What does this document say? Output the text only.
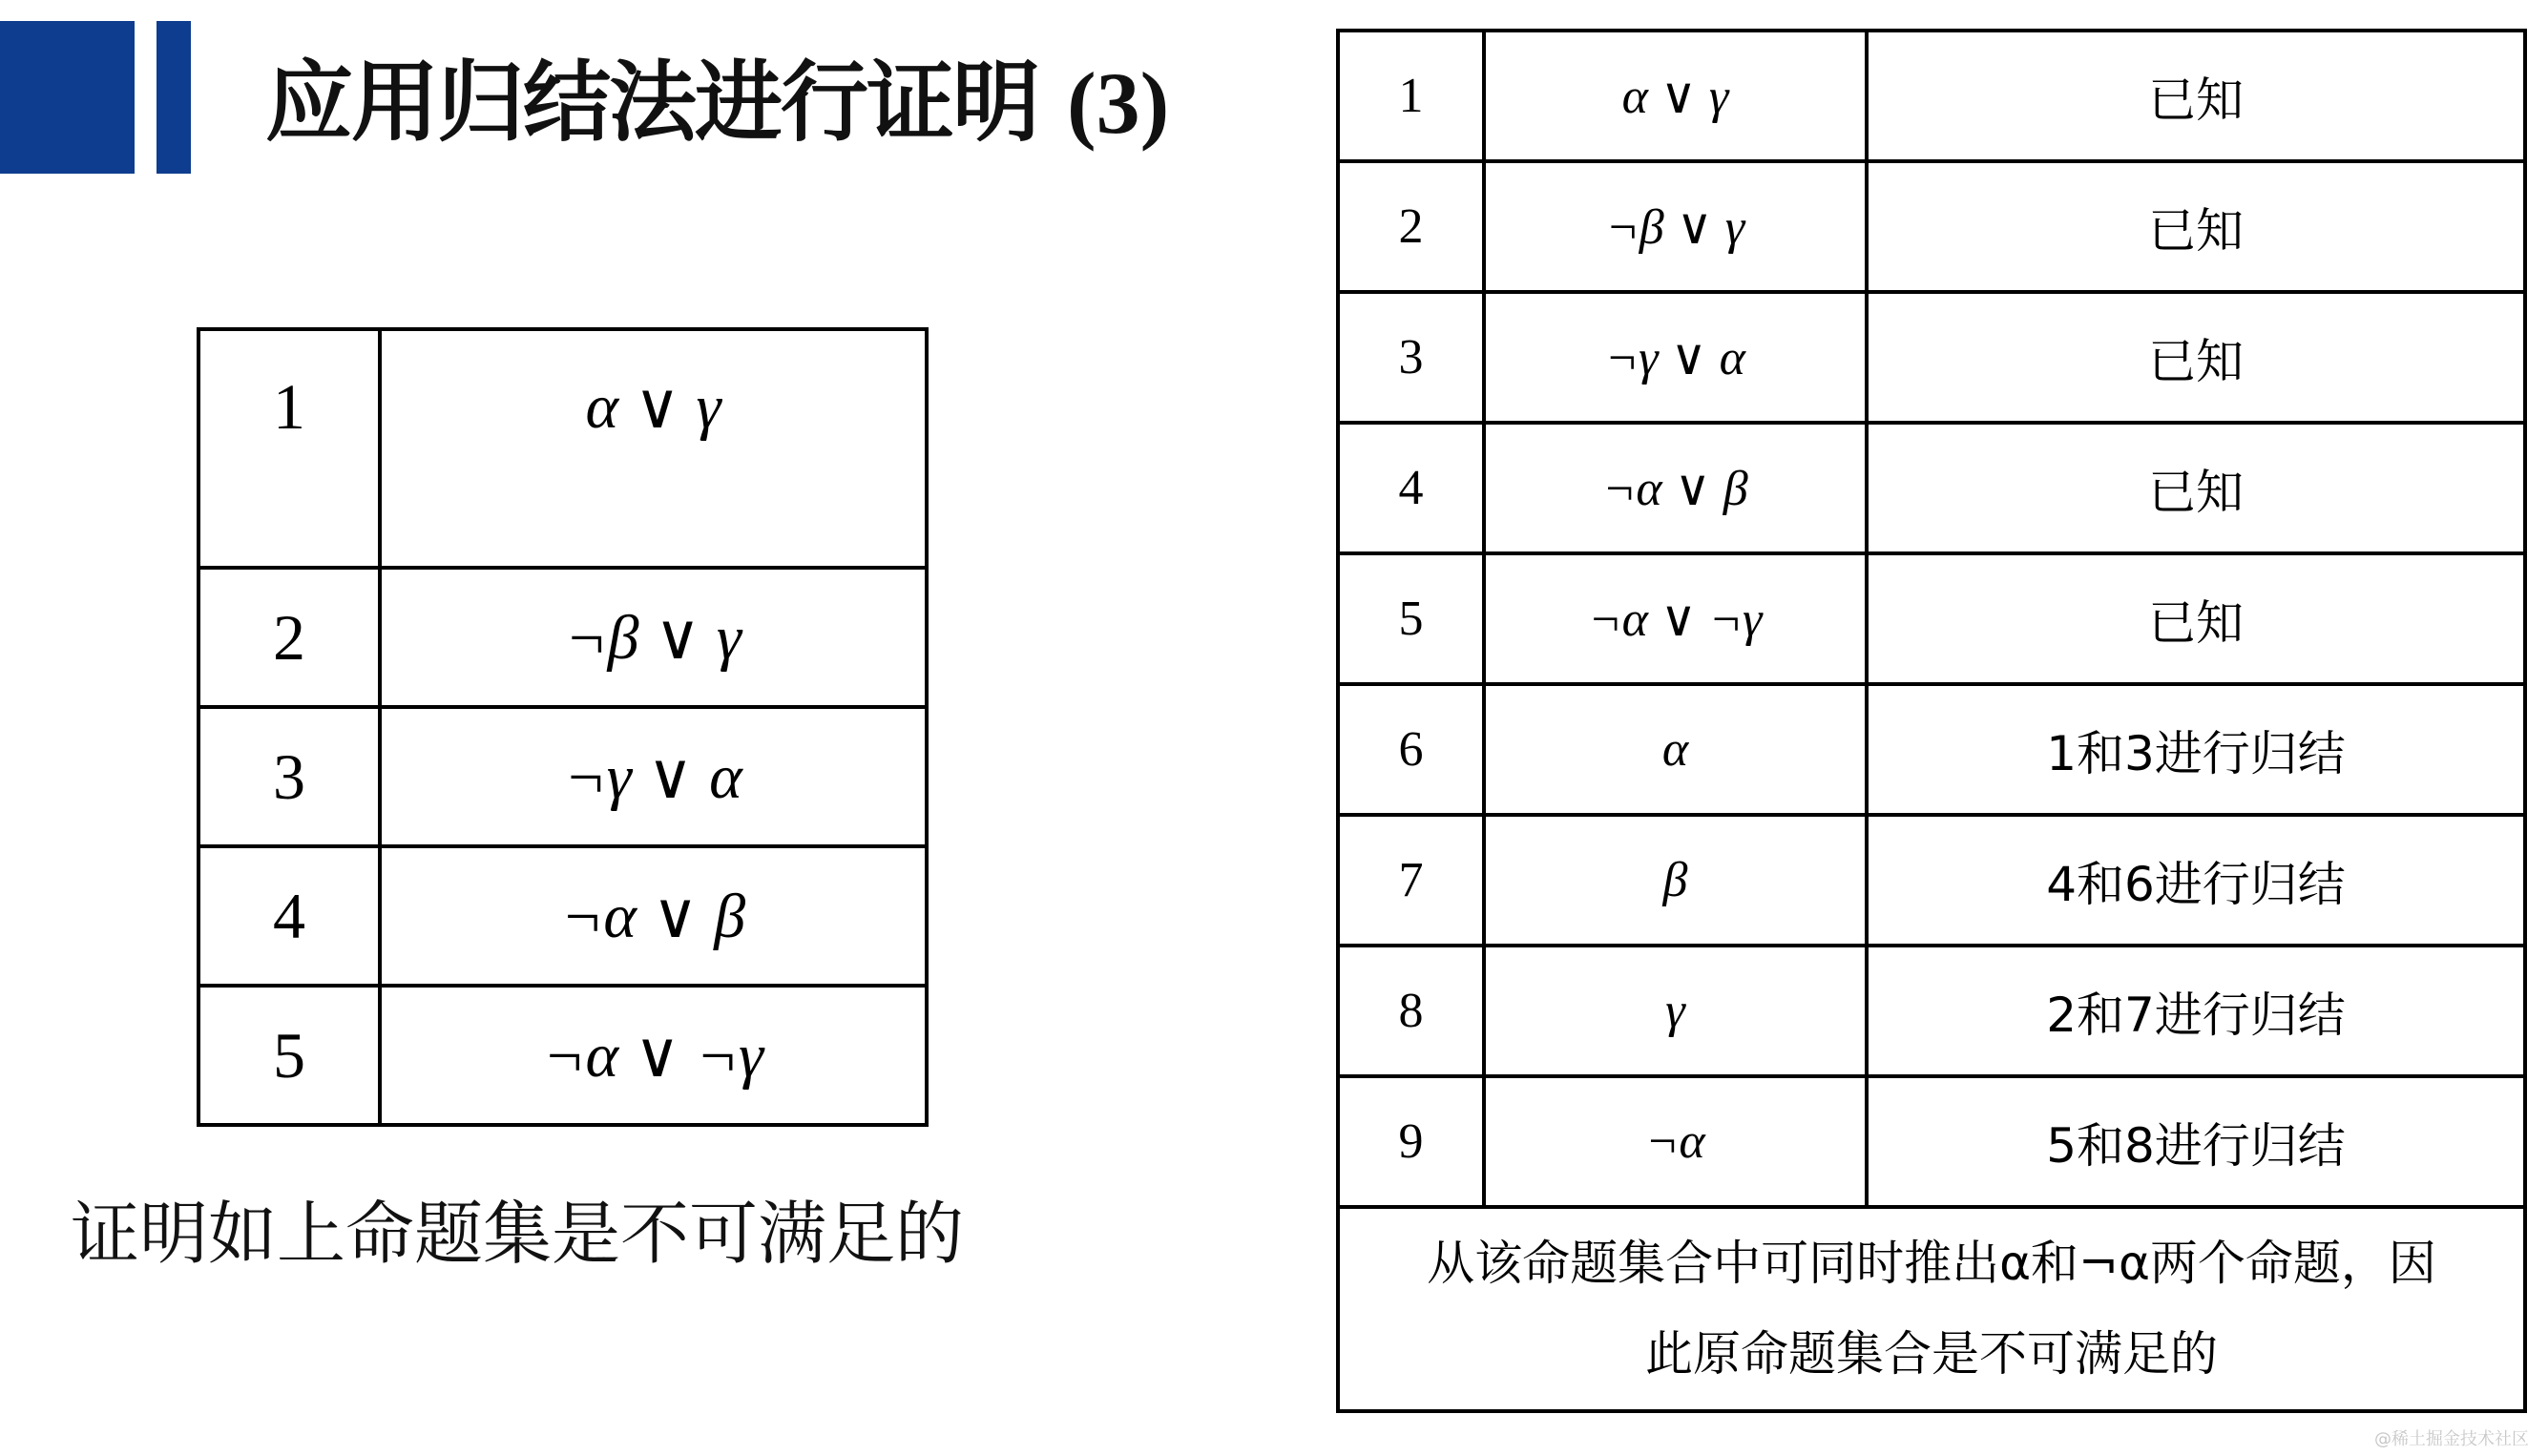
应用归结法进行证明 (3)
1	α ∨ γ
2	¬β ∨ γ
3	¬γ ∨ α
4	¬α ∨ β
5	¬α ∨ ¬γ
证明如上命题集是不可满足的
1	α ∨ γ	已知
2	¬β ∨ γ	已知
3	¬γ ∨ α	已知
4	¬α ∨ β	已知
5	¬α ∨ ¬γ	已知
6	α	1和3进行归结
7	β	4和6进行归结
8	γ	2和7进行归结
9	¬α	5和8进行归结

从该命题集合中可同时推出α和¬α两个命题，因
此原命题集合是不可满足的		
@稀土掘金技术社区
